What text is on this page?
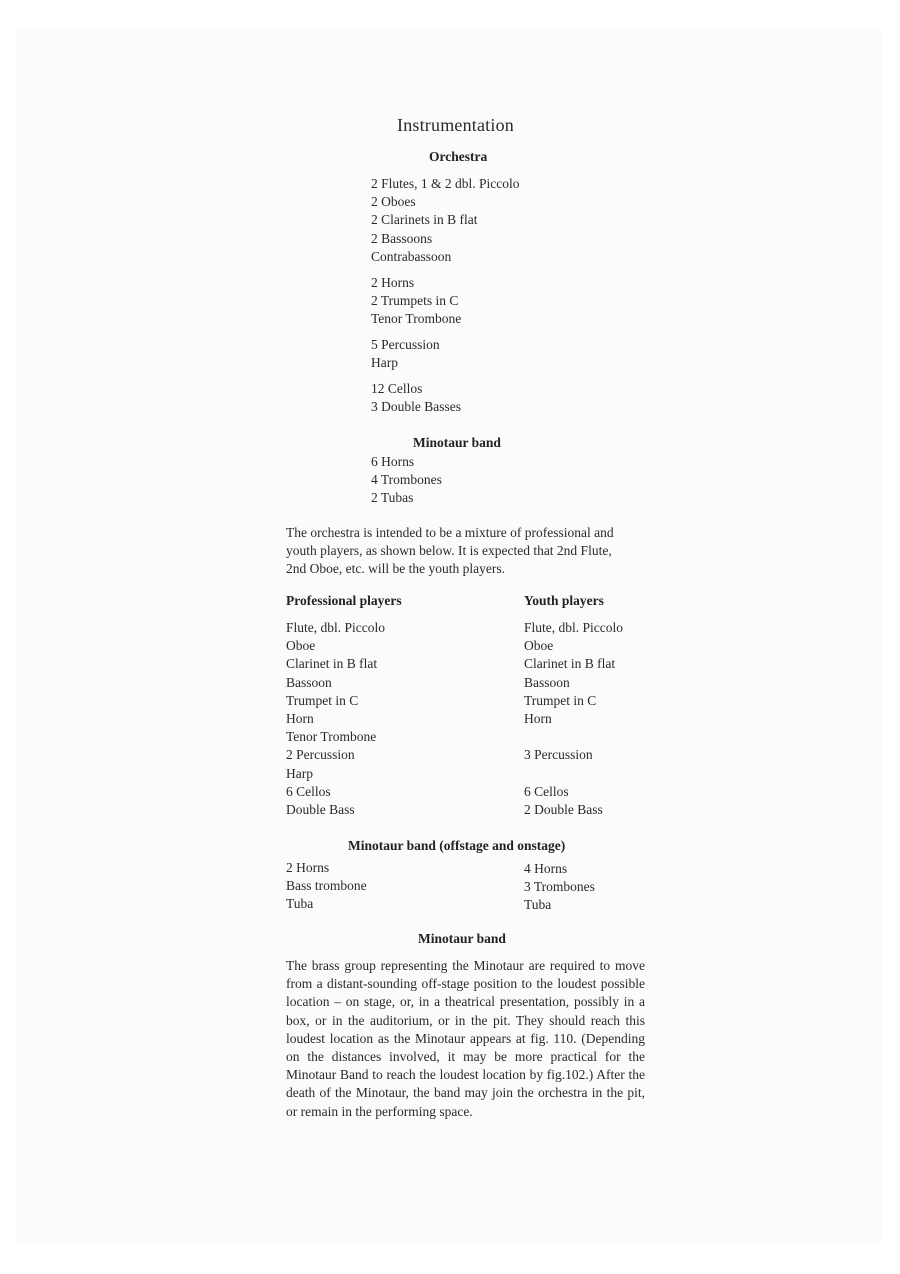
Instrumentation
Orchestra
2 Flutes, 1 & 2 dbl. Piccolo
2 Oboes
2 Clarinets in B flat
2 Bassoons
Contrabassoon
2 Horns
2 Trumpets in C
Tenor Trombone
5 Percussion
Harp
12 Cellos
3 Double Basses
Minotaur band
6 Horns
4 Trombones
2 Tubas
The orchestra is intended to be a mixture of professional and
youth players, as shown below. It is expected that 2nd Flute,
2nd Oboe, etc. will be the youth players.
Professional players	Youth players
Flute, dbl. Piccolo
Oboe
Clarinet in B flat
Bassoon
Trumpet in C
Horn
Tenor Trombone
2 Percussion
Harp
6 Cellos
Double Bass
Flute, dbl. Piccolo
Oboe
Clarinet in B flat
Bassoon
Trumpet in C
Horn
3 Percussion
6 Cellos
2 Double Bass
Minotaur band (offstage and onstage)
2 Horns
Bass trombone
Tuba
4 Horns
3 Trombones
Tuba
Minotaur band
The brass group representing the Minotaur are required to move from a distant-sounding off-stage position to the loudest possible location – on stage, or, in a theatrical presentation, possibly in a box, or in the auditorium, or in the pit. They should reach this loudest location as the Minotaur appears at fig. 110. (Depending on the distances involved, it may be more practical for the Minotaur Band to reach the loudest location by fig.102.) After the death of the Minotaur, the band may join the orchestra in the pit, or remain in the performing space.
